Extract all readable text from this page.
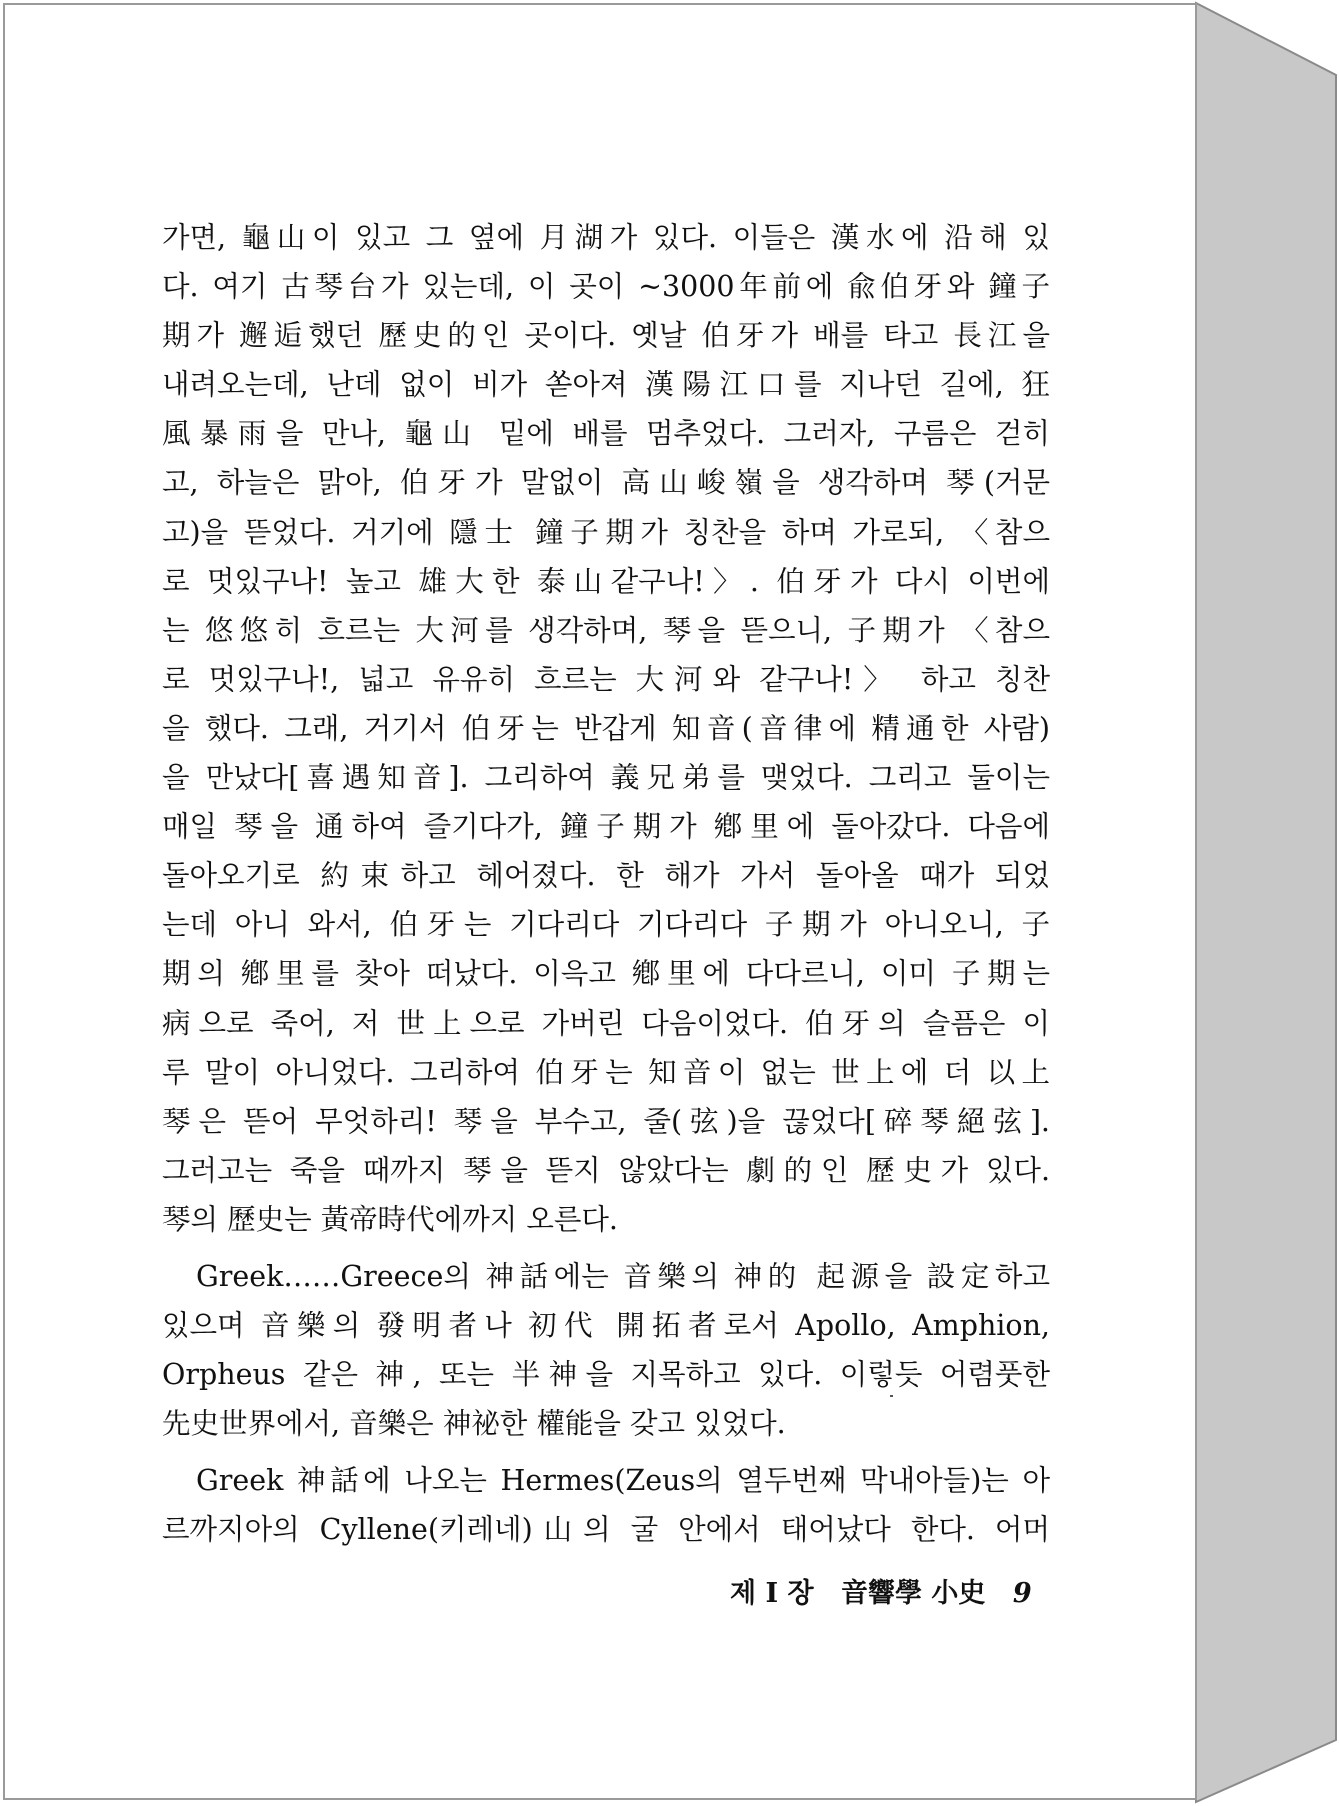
가면, 龜山이 있고 그 옆에 月湖가 있다. 이들은 漢水에 沿해 있
다. 여기 古琴台가 있는데, 이 곳이 ~3000年前에 兪伯牙와 鐘子
期가 邂逅했던 歷史的인 곳이다. 옛날 伯牙가 배를 타고 長江을
내려오는데, 난데 없이 비가 쏟아져 漢陽江口를 지나던 길에, 狂
風暴雨을 만나, 龜山 밑에 배를 멈추었다. 그러자, 구름은 걷히
고, 하늘은 맑아, 伯牙가 말없이 高山峻嶺을 생각하며 琴(거문
고)을 뜯었다. 거기에 隱士 鐘子期가 칭찬을 하며 가로되, 〈참으
로 멋있구나! 높고 雄大한 泰山같구나!〉. 伯牙가 다시 이번에
는 悠悠히 흐르는 大河를 생각하며, 琴을 뜯으니, 子期가 〈참으
로 멋있구나!, 넓고 유유히 흐르는 大河와 같구나!〉 하고 칭찬
을 했다. 그래, 거기서 伯牙는 반갑게 知音(音律에 精通한 사람)
을 만났다[喜遇知音]. 그리하여 義兄弟를 맺었다. 그리고 둘이는
매일 琴을 通하여 즐기다가, 鐘子期가 鄕里에 돌아갔다. 다음에
돌아오기로 約束하고 헤어졌다. 한 해가 가서 돌아올 때가 되었
는데 아니 와서, 伯牙는 기다리다 기다리다 子期가 아니오니, 子
期의 鄕里를 찾아 떠났다. 이윽고 鄕里에 다다르니, 이미 子期는
病으로 죽어, 저 世上으로 가버린 다음이었다. 伯牙의 슬픔은 이
루 말이 아니었다. 그리하여 伯牙는 知音이 없는 世上에 더 以上
琴은 뜯어 무엇하리! 琴을 부수고, 줄(弦)을 끊었다[碎琴絕弦].
그러고는 죽을 때까지 琴을 뜯지 않았다는 劇的인 歷史가 있다.
琴의 歷史는 黃帝時代에까지 오른다.
Greek……Greece의 神話에는 音樂의 神的 起源을 設定하고
있으며 音樂의 發明者나 初代 開拓者로서 Apollo, Amphion,
Orpheus 같은 神, 또는 半神을 지목하고 있다. 이렇듯 어렴풋한
先史世界에서, 音樂은 神祕한 權能을 갖고 있었다.
Greek 神話에 나오는 Hermes(Zeus의 열두번째 막내아들)는 아
르까지아의 Cyllene(키레네)山의 굴 안에서 태어났다 한다. 어머
제 I 장 音響學 小史 9
